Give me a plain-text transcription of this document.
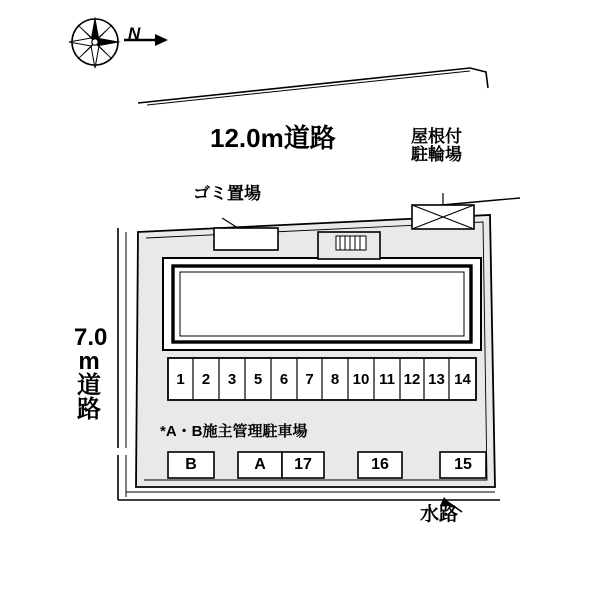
12.0m道路
7.0
m
道
路
ゴミ置場
屋根付
駐輪場
水路
*A・B施主管理駐車場
N
1	2	3	5	6	7	8 10 11 12 13 14
B	A	17	16	15
